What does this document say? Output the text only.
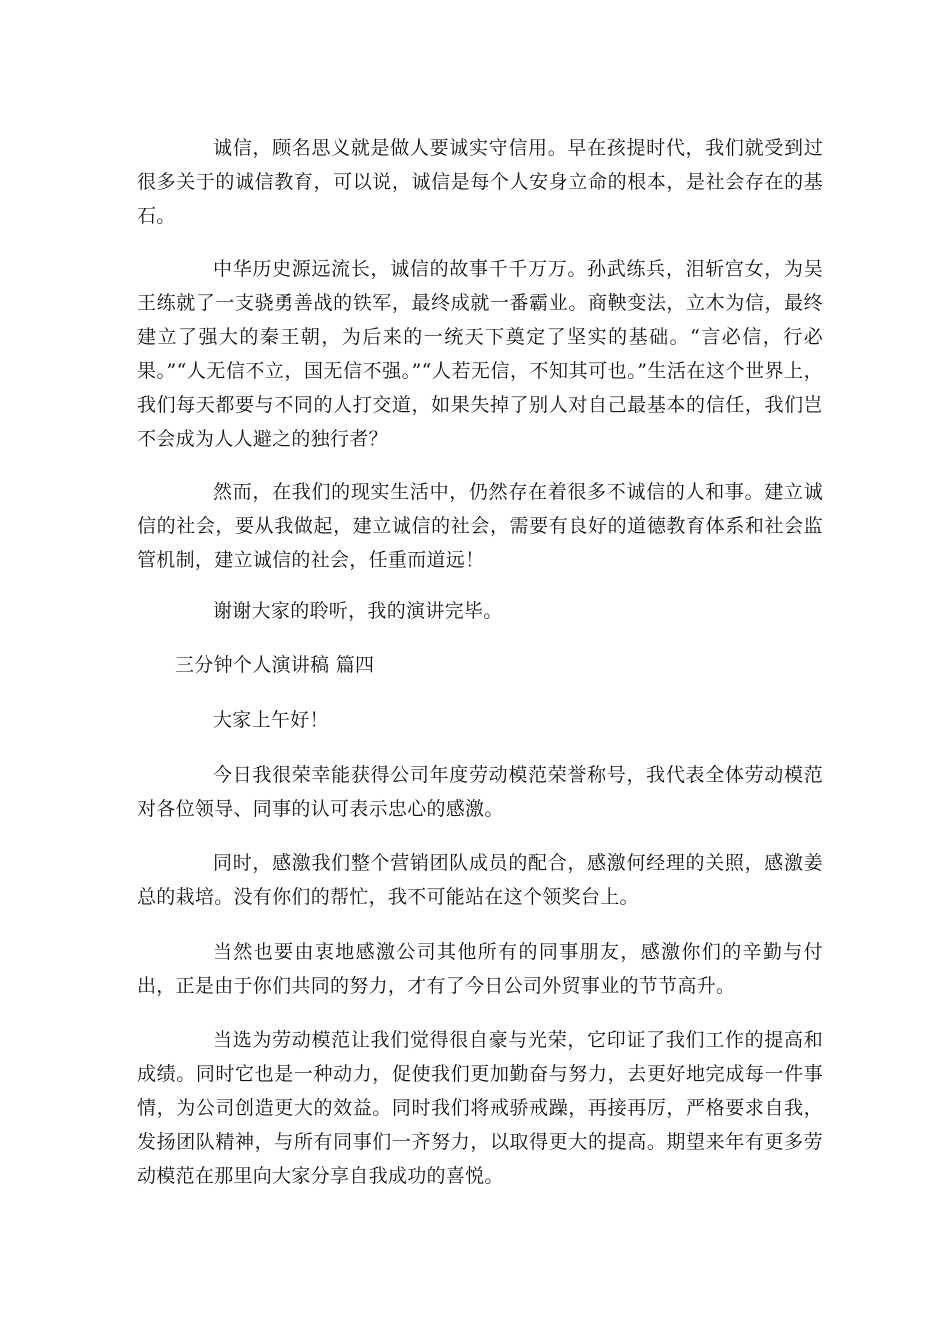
诚信，顾名思义就是做人要诚实守信用。早在孩提时代，我们就受到过很多关于的诚信教育，可以说，诚信是每个人安身立命的根本，是社会存在的基石。

中华历史源远流长，诚信的故事千千万万。孙武练兵，泪斩宫女，为吴王练就了一支骁勇善战的铁军，最终成就一番霸业。商鞅变法，立木为信，最终建立了强大的秦王朝，为后来的一统天下奠定了坚实的基础。“言必信，行必果。”“人无信不立，国无信不强。”“人若无信，不知其可也。”生活在这个世界上，我们每天都要与不同的人打交道，如果失掉了别人对自己最基本的信任，我们岂不会成为人人避之的独行者？

然而，在我们的现实生活中，仍然存在着很多不诚信的人和事。建立诚信的社会，要从我做起，建立诚信的社会，需要有良好的道德教育体系和社会监管机制，建立诚信的社会，任重而道远！

谢谢大家的聆听，我的演讲完毕。

三分钟个人演讲稿 篇四

大家上午好！

今日我很荣幸能获得公司年度劳动模范荣誉称号，我代表全体劳动模范对各位领导、同事的认可表示忠心的感激。

同时，感激我们整个营销团队成员的配合，感激何经理的关照，感激姜总的栽培。没有你们的帮忙，我不可能站在这个领奖台上。

当然也要由衷地感激公司其他所有的同事朋友，感激你们的辛勤与付出，正是由于你们共同的努力，才有了今日公司外贸事业的节节高升。

当选为劳动模范让我们觉得很自豪与光荣，它印证了我们工作的提高和成绩。同时它也是一种动力，促使我们更加勤奋与努力，去更好地完成每一件事情，为公司创造更大的效益。同时我们将戒骄戒躁，再接再厉，严格要求自我，发扬团队精神，与所有同事们一齐努力，以取得更大的提高。期望来年有更多劳动模范在那里向大家分享自我成功的喜悦。
